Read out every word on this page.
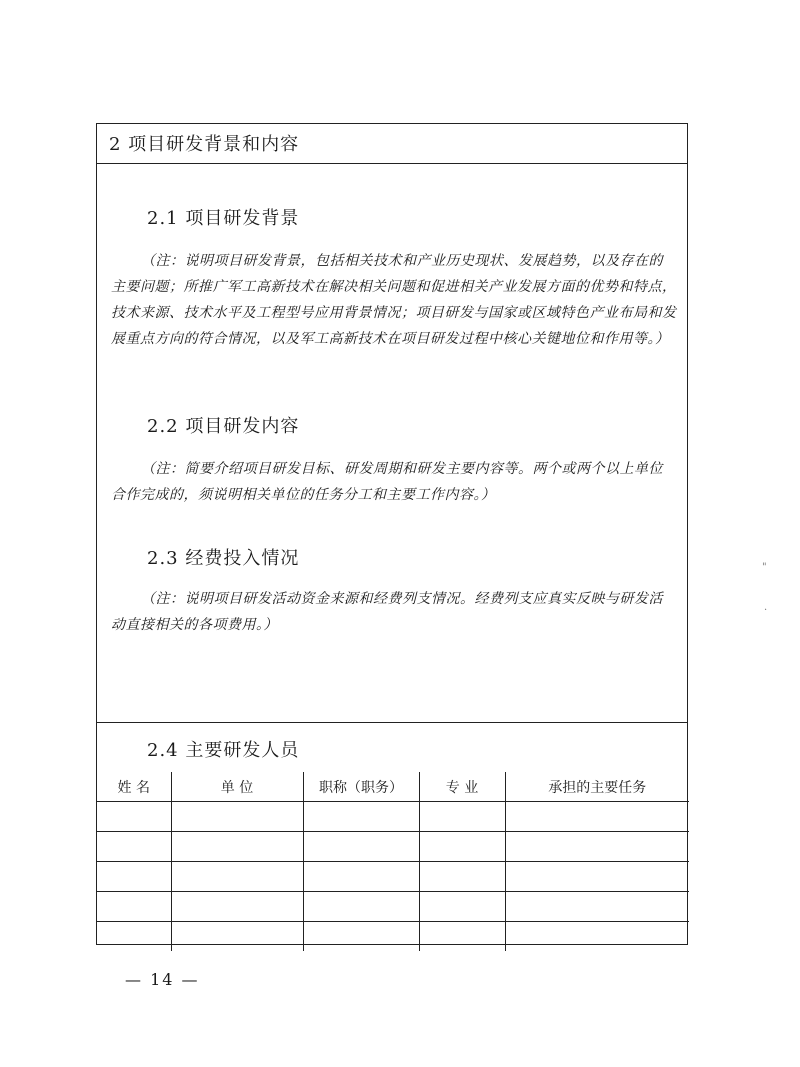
2 项目研发背景和内容
2.1 项目研发背景
（注：说明项目研发背景，包括相关技术和产业历史现状、发展趋势，以及存在的主要问题；所推广军工高新技术在解决相关问题和促进相关产业发展方面的优势和特点，技术来源、技术水平及工程型号应用背景情况；项目研发与国家或区域特色产业布局和发展重点方向的符合情况，以及军工高新技术在项目研发过程中核心关键地位和作用等。）
2.2 项目研发内容
（注：简要介绍项目研发目标、研发周期和研发主要内容等。两个或两个以上单位合作完成的，须说明相关单位的任务分工和主要工作内容。）
2.3 经费投入情况
（注：说明项目研发活动资金来源和经费列支情况。经费列支应真实反映与研发活动直接相关的各项费用。）
2.4 主要研发人员
姓 名	单 位	职称（职务）	专 业	承担的主要任务

"
.
— 14 —
